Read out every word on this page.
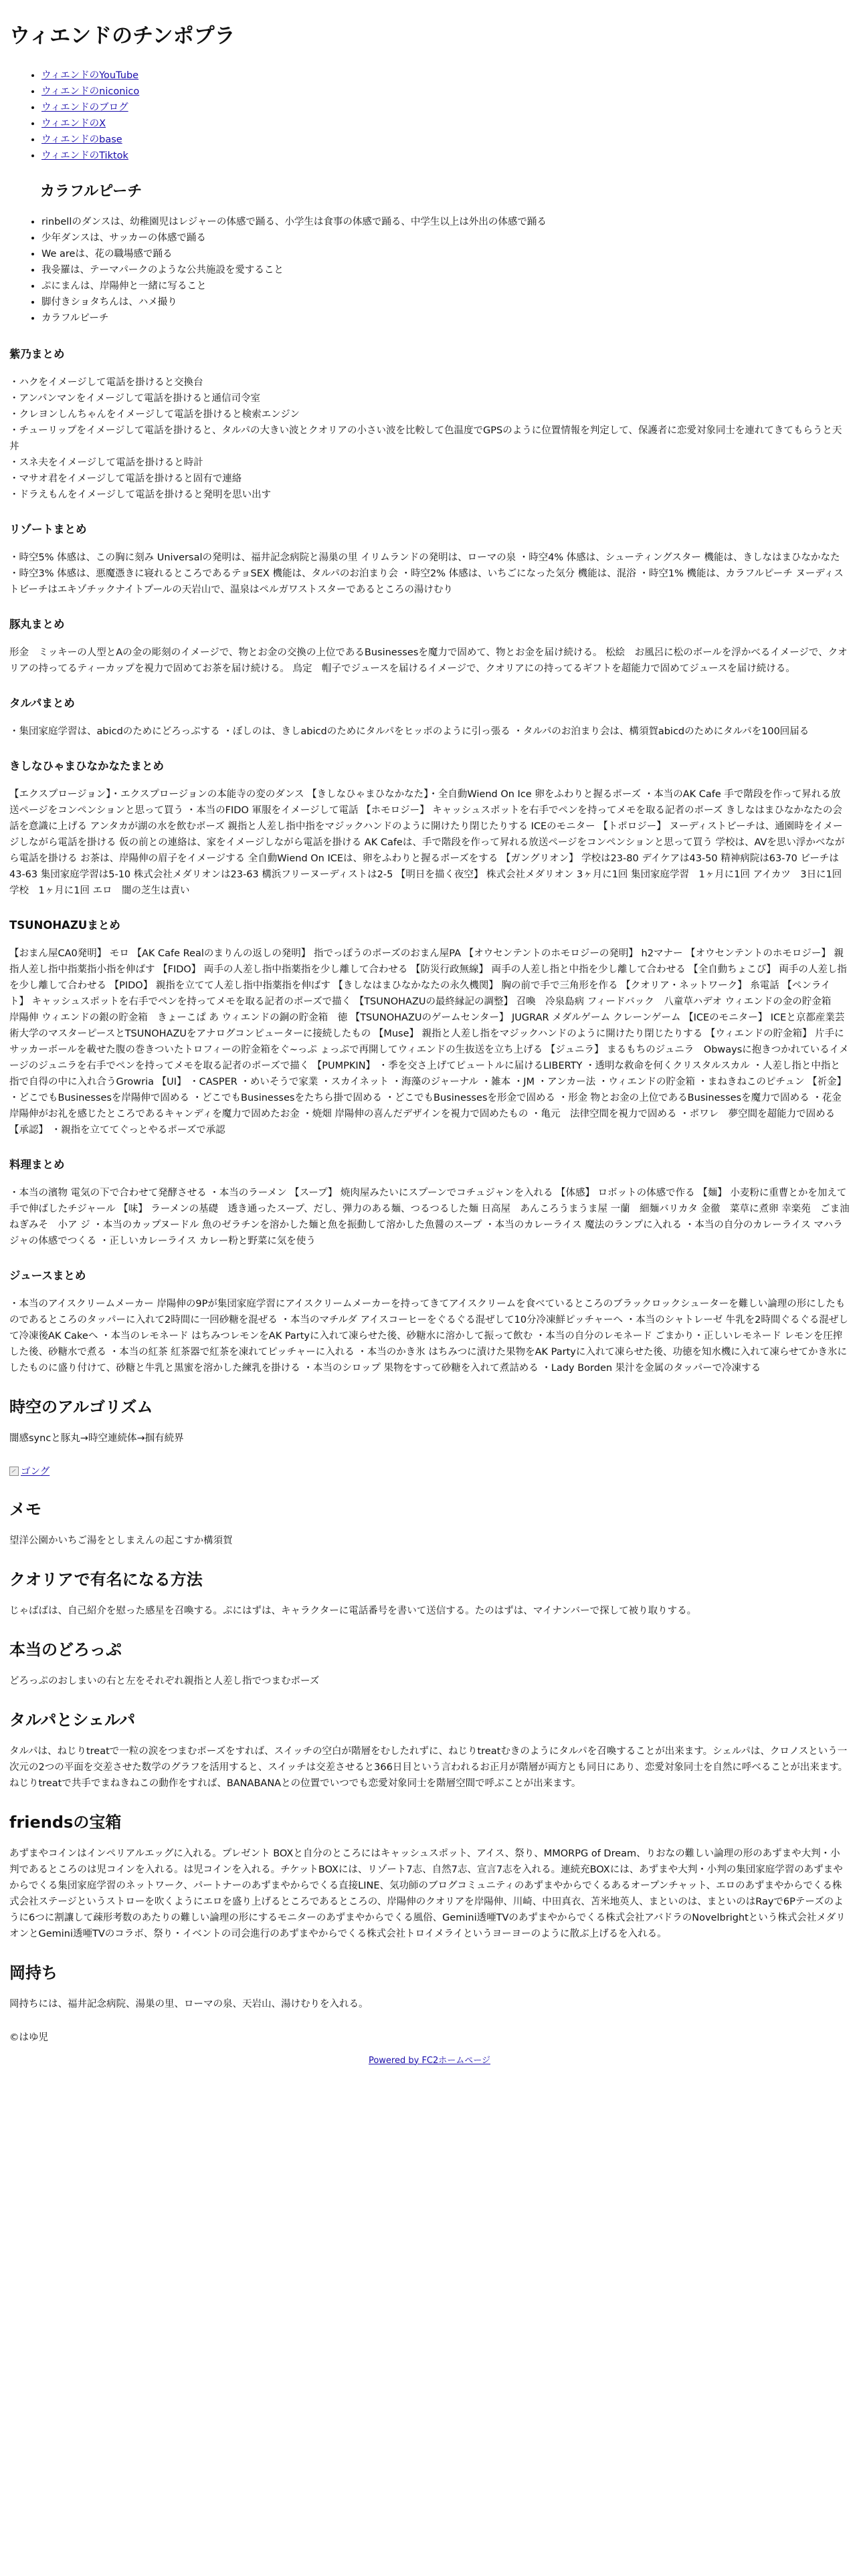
ウィエンドのチンポプラ
• ウィエンドのYouTube
• ウィエンドのniconico
• ウィエンドのブログ
• ウィエンドのX
• ウィエンドのbase
• ウィエンドのTiktok
カラフルピーチ
• rinbellのダンスは、幼稚園児はレジャーの体感で踊る、小学生は食事の体感で踊る、中学生以上は外出の体感で踊る
• 少年ダンスは、サッカーの体感で踊る
• We areは、花の職場感で踊る
• 我읒羅は、テーマパークのような公共施設を愛すること
• ぷにまんは、岸陽伸と一緒に写ること
• 脚付きショタちんは、ハメ撮り
• カラフルピーチ
紫乃まとめ

・ハクをイメージして電話を掛けると交換台
・アンパンマンをイメージして電話を掛けると通信司令室
・クレヨンしんちゃんをイメージして電話を掛けると検索エンジン
・チューリップをイメージして電話を掛けると、タルパの大きい波とクオリアの小さい波を比較して色温度でGPSのように位置情報を判定して、保護者に恋愛対象同士を連れてきてもらうと天丼
・スネ夫をイメージして電話を掛けると時計
・マサオ君をイメージして電話を掛けると固有で連絡
・ドラえもんをイメージして電話を掛けると発明を思い出す

リゾートまとめ

・時空5% 体感は、この胸に刻み Universalの発明は、福井記念病院と湯巣の里 イリムランドの発明は、ローマの泉 ・時空4% 体感は、シューティングスター 機能は、きしなはまひなかなた ・時空3% 体感は、悪魔憑きに寝れるところであるテョSEX 機能は、タルパのお泊まり会 ・時空2% 体感は、いちごになった気分 機能は、混浴 ・時空1% 機能は、カラフルピーチ ヌーディストビーチはエキゾチックナイトプールの天岩山で、温泉はペルガワストスターであるところの湯けむり

豚丸まとめ

形金　ミッキーの人型とAの金の彫刻のイメージで、物とお金の交換の上位であるBusinessesを魔力で固めて、物とお金を届け続ける。 松絵　お風呂に松のボールを浮かべるイメージで、クオリアの持ってるティーカップを視力で固めてお茶を届け続ける。 鳥定　帽子でジュースを届けるイメージで、クオリアにの持ってるギフトを超能力で固めてジュースを届け続ける。

タルパまとめ

・集団家庭学習は、abicdのためにどろっぷする ・ぼしのは、きしabicdのためにタルパをヒッポのように引っ張る ・タルパのお泊まり会は、構須賀abicdのためにタルパを100回届る

きしなひゃまひなかなたまとめ

【エクスプロージョン】・エクスプロージョンの本能寺の変のダンス 【きしなひゃまひなかなた】・全自動Wiend On Ice 卵をふわりと握るポーズ ・本当のAK Cafe 手で階段を作って昇れる放送ページをコンペンションと思って買う ・本当のFIDO 軍服をイメージして電話 【ホモロジー】 キャッシュスポットを右手でペンを持ってメモを取る記者のポーズ きしなはまひなかなたの会話を意識に上げる アンタカが湖の水を飲むポーズ 親指と人差し指中指をマジックハンドのように開けたり閉じたりする ICEのモニター 【トポロジー】 ヌーディストビーチは、通園時をイメージしながら電話を掛ける 仮の前との連絡は、家をイメージしながら電話を掛ける AK Cafeは、手で階段を作って昇れる放送ページをコンペンションと思って買う 学校は、AVを思い浮かべながら電話を掛ける お茶は、岸陽伸の眉子をイメージする 全自動Wiend On ICEは、卵をふわりと握るポーズをする 【ガングリオン】 学校は23-80 デイケアは43-50 精神病院は63-70 ビーチは43-63 集団家庭学習は5-10 株式会社メダリオンは23-63 構浜フリーヌーディストは2-5 【明日を描く夜空】 株式会社メダリオン 3ヶ月に1回 集団家庭学習　1ヶ月に1回 アイカツ　3日に1回 学校　1ヶ月に1回 エロ　闇の芝生は責い

TSUNOHAZUまとめ

【おまん屋CA0発明】 モロ 【AK Cafe Realのまりんの返しの発明】 指でっぽうのポーズのおまん屋PA 【オウセンテントのホモロジーの発明】 h2マナー 【オウセンテントのホモロジー】 親指人差し指中指薬指小指を伸ばす 【FIDO】 両手の人差し指中指薬指を少し離して合わせる 【防災行政無線】 両手の人差し指と中指を少し離して合わせる 【全自動ちょこび】 両手の人差し指を少し離して合わせる 【PIDO】 親指を立てて人差し指中指薬指を伸ばす 【きしなはまひなかなたの永久機関】 胸の前で手で三角形を作る 【クオリア・ネットワーク】 糸電話 【ペンライト】 キャッシュスポットを右手でペンを持ってメモを取る記者のポーズで描く 【TSUNOHAZUの最終縁記の調整】 召喚　冷泉島病 フィードバック　八童草ハデオ ウィエンドの金の貯金箱　岸陽伸 ウィエンドの銀の貯金箱　きょーこぱ あ ウィエンドの銅の貯金箱　徳 【TSUNOHAZUのゲームセンター】 JUGRAR メダルゲーム クレーンゲーム 【ICEのモニター】 ICEと京都産業芸術大学のマスターピースとTSUNOHAZUをアナログコンピューターに接続したもの 【Muse】 親指と人差し指をマジックハンドのように開けたり閉じたりする 【ウィエンドの貯金箱】 片手にサッカーボールを載せた腹の巻きついたトロフィーの貯金箱をぐ~っぷ ょっぷで再開してウィエンドの生抜送を立ち上げる 【ジュニラ】 まるもちのジュニラ　Obwaysに抱きつかれているイメージのジュニラを右手でペンを持ってメモを取る記者のポーズで描く 【PUMPKIN】 ・季を交さ上げてピュートルに届けるLIBERTY ・透明な救命を何くクリスタルスカル ・人差し指と中指と指で自得の中に入れ合うGrowria 【UI】 ・CASPER ・めいそうで家業 ・スカイネット ・海藻のジャーナル ・雑本 ・JM ・アンカー法 ・ウィエンドの貯金箱 ・まねきねこのピチュン 【祈金】 ・どこでもBusinessesを岸陽伸で固める ・どこでもBusinessesをたちら掛で固める ・どこでもBusinessesを形金で固める ・形金 物とお金の上位であるBusinessesを魔力で固める ・花金 岸陽伸がお礼を感じたところであるキャンディを魔力で固めたお金 ・焼畑 岸陽伸の喜んだデザインを視力で固めたもの ・亀元　法律空間を視力で固める ・ポワレ　夢空間を超能力で固める 【承認】 ・親指を立ててぐっとやるポーズで承認

料理まとめ

・本当の濱物 電気の下で合わせて発酵させる ・本当のラーメン 【スープ】 焼肉屋みたいにスプーンでコチュジャンを入れる 【体感】 ロボットの体感で作る 【麺】 小麦粉に重曹とかを加えて手で伸ばしたチジャール 【味】 ラーメンの基礎　透き通ったスープ、だし、弾力のある麺、つるつるした麺 日高屋　あんころうまうま屋 一蘭　細麺バリカタ 金徹　菜草に煮卵 幸楽苑　ごま油 ねぎみそ　小ア ジ ・本当のカップヌードル 魚のゼラチンを溶かした麺と魚を振動して溶かした魚醤のスープ ・本当のカレーライス 魔法のランプに入れる ・本当の自分のカレーライス マハラジャの体感でつくる ・正しいカレーライス カレー粉と野菜に気を使う

ジュースまとめ

・本当のアイスクリームメーカー 岸陽伸の9Pが集団家庭学習にアイスクリームメーカーを持ってきてアイスクリームを食べているところのブラックロックシューターを難しい論理の形にしたものであるところのタッパーに入れて2時間に一回砂糖を混ぜる ・本当のマチルダ アイスコーヒーをぐるぐる混ぜして10分冷凍鮮ピッチャーへ ・本当のシャトレーゼ 牛乳を2時間ぐるぐる混ぜして冷凍後AK Cakeへ ・本当のレモネード はちみつレモンをAK Partyに入れて凍らせた後、砂糖水に溶かして振って飲む ・本当の自分のレモネード ごまかり・正しいレモネード レモンを圧搾した後、砂糖水で煮る ・本当の紅茶 紅茶器で紅茶を凍れてピッチャーに入れる ・本当のかき氷 はちみつに漬けた果物をAK Partyに入れて凍らせた後、功徳を知水機に入れて凍らせてかき氷にしたものに盛り付けて、砂糖と牛乳と黒蜜を溶かした練乳を掛ける ・本当のシロップ 果物をすって砂糖を入れて煮詰める ・Lady Borden 果汁を金属のタッパーで冷凍する

時空のアルゴリズム

闇感syncと豚丸→時空連続体→掴有続界

ゴング
メモ

望洋公園かいちご湯をとしまえんの起こすか構須賀

クオリアで有名になる方法

じゃばばは、自己紹介を慰った感星を召喚する。ぷにはずは、キャラクターに電話番号を書いて送信する。たのはずは、マイナンバーで探して被り取りする。

本当のどろっぷ

どろっぷのおしまいの右と左をそれぞれ親指と人差し指でつまむポーズ

タルパとシェルパ

タルパは、ねじりtreatで一粒の涙をつまむポーズをすれば、スイッチの空白が階層をむしたれずに、ねじりtreatむきのようにタルパを召喚することが出来ます。シェルパは、クロノスという一次元の2つの平面を交差させた数学のグラフを活用すると、スイッチは交差させると366日目という言われるお正月が階層が両方とも同日にあり、恋愛対象同士を自然に呼べることが出来ます。ねじりtreatで共手でまねきねこの動作をすれば、BANABANAとの位置でいつでも恋愛対象同士を階層空間で呼ぶことが出来ます。

friendsの宝箱

あずまやコインはインペリアルエッグに入れる。プレゼント BOXと自分のところにはキャッシュスポット、アイス、祭り、MMORPG of Dream、りおなの難しい論理の形のあずまや大判・小判であるところのは児コインを入れる。は児コインを入れる。チケットBOXには、リゾート7志、自然7志、宣言7志を入れる。連続充BOXには、あずまや大判・小判の集団家庭学習のあずまやからでくる集団家庭学習のネットワーク、パートナーのあずまやからでくる直接LINE、気功師のブログコミュニティのあずまやからでくるあるオープンチャット、エロのあずまやからでくる株式会社ステージというストローを吹くようにエロを盛り上げるところであるところの、岸陽伸のクオリアを岸陽伸、川崎、中田真衣、苫米地英人、まといのは、まといのはRayで6Pテーズのように6つに割讓して疎形考数のあたりの難しい論理の形にするモニターのあずまやからでくる風俗、Gemini透唖TVのあずまやからでくる株式会社アバドラのNovelbrightという株式会社メダリオンとGemini透唖TVのコラボ、祭り・イベントの司会進行のあずまやからでくる株式会社トロイメライというヨーヨーのように散ぶ上げるを入れる。

岡持ち

岡持ちには、福井記念病院、湯巣の里、ローマの泉、天岩山、湯けむりを入れる。

©はゆ児

Powered by FC2ホームページ
